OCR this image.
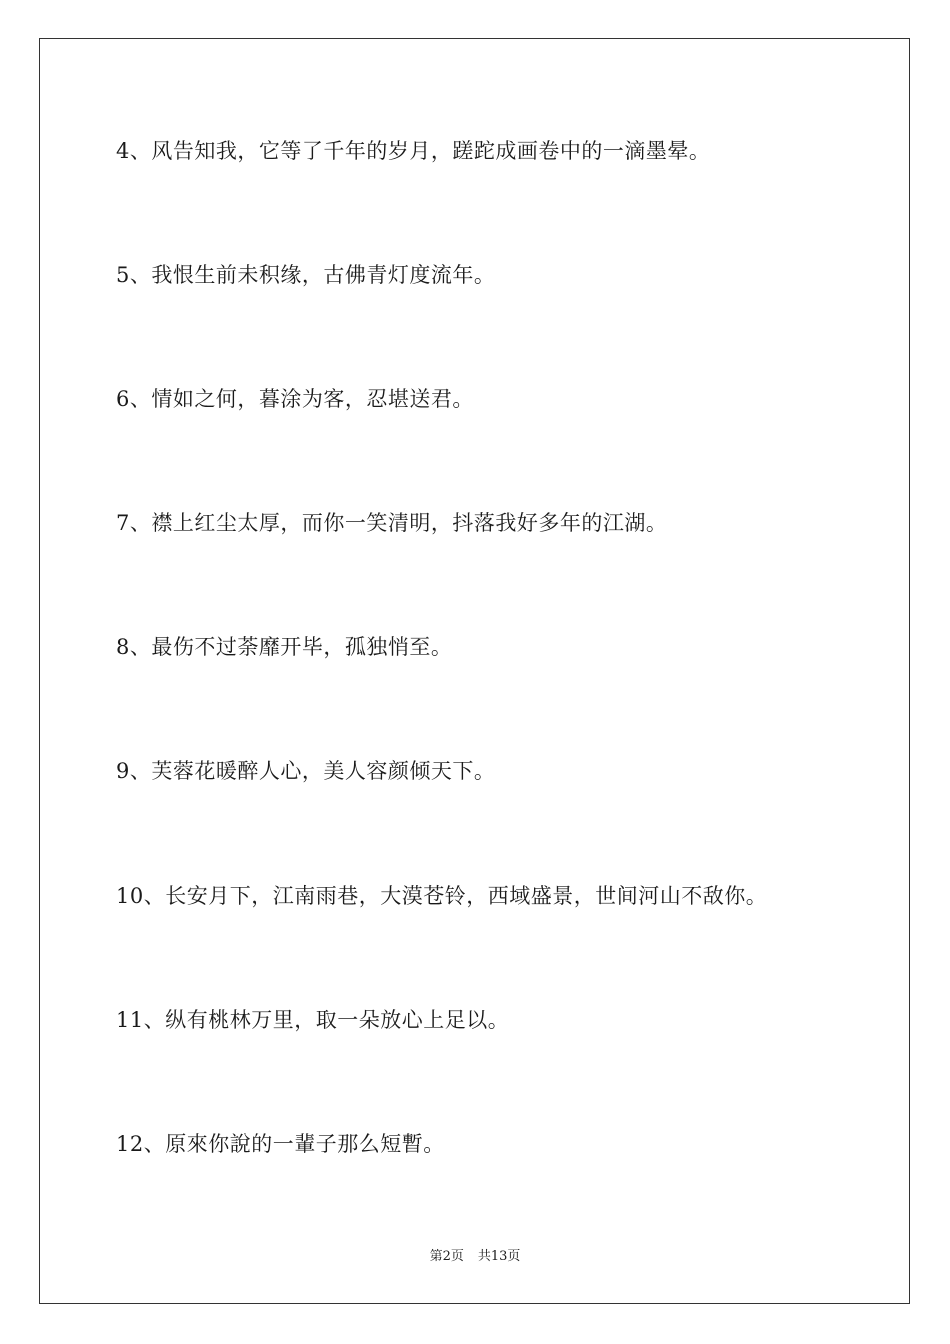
4、风告知我，它等了千年的岁月，蹉跎成画卷中的一滴墨晕。
5、我恨生前未积缘，古佛青灯度流年。
6、情如之何，暮涂为客，忍堪送君。
7、襟上红尘太厚，而你一笑清明，抖落我好多年的江湖。
8、最伤不过荼靡开毕，孤独悄至。
9、芙蓉花暖醉人心，美人容颜倾天下。
10、长安月下，江南雨巷，大漠苍铃，西域盛景，世间河山不敌你。
11、纵有桃林万里，取一朵放心上足以。
12、原來你說的一輩子那么短暫。
第2页 共13页
